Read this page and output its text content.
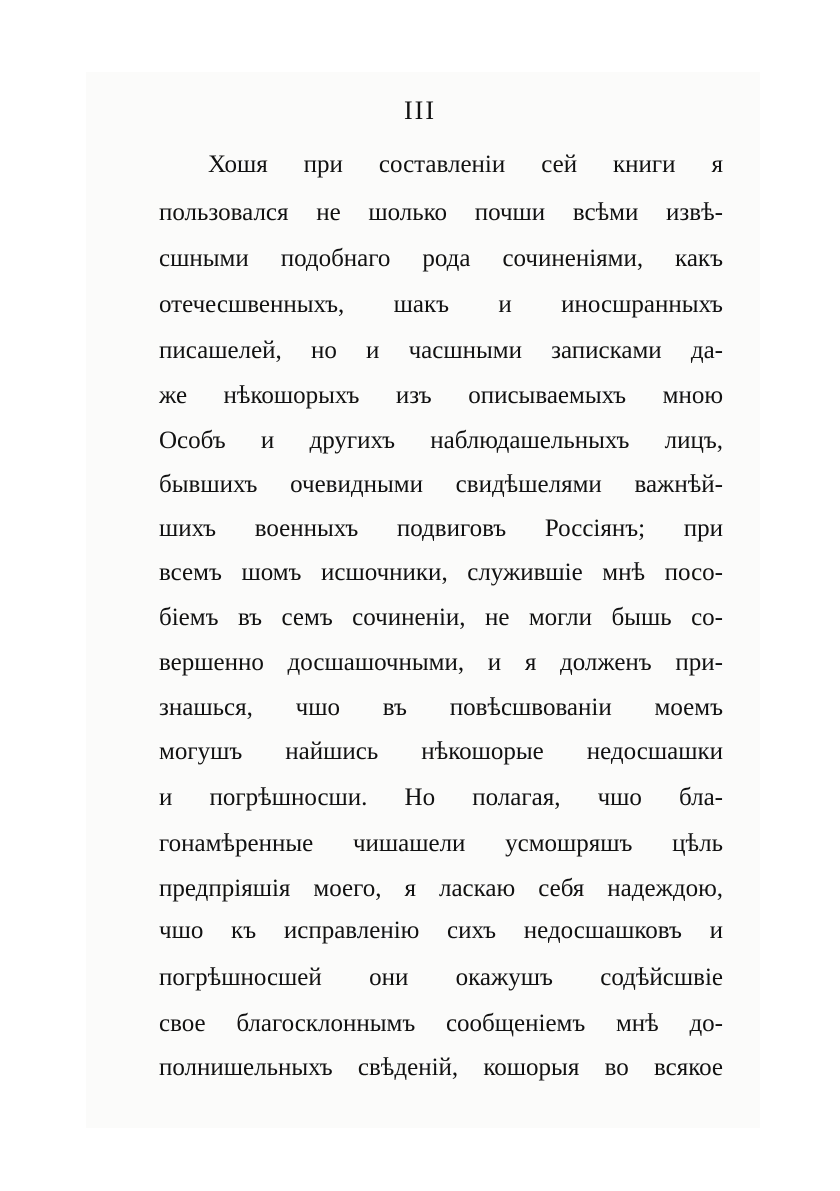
III
Хошя при составленіи сей книги я
пользовался не шолько почши всѣми извѣ-
сшными подобнаго рода сочиненіями, какъ
отечесшвенныхъ, шакъ и иносшранныхъ
писашелей, но и часшными записками да-
же нѣкошорыхъ изъ описываемыхъ мною
Особъ и другихъ наблюдашельныхъ лицъ,
бывшихъ очевидными свидѣшелями важнѣй-
шихъ военныхъ подвиговъ Россіянъ; при
всемъ шомъ исшочники, служившіе мнѣ посо-
біемъ въ семъ сочиненіи, не могли бышь со-
вершенно досшашочными, и я долженъ при-
знашься, чшо въ повѣсшвованіи моемъ
могушъ найшись нѣкошорые недосшашки
и погрѣшносши. Но полагая, чшо бла-
гонамѣренные чишашели усмошряшъ цѣль
предпріяшія моего, я ласкаю себя надеждою,
чшо къ исправленію сихъ недосшашковъ и
погрѣшносшей они окажушъ содѣйсшвіе
свое благосклоннымъ сообщеніемъ мнѣ до-
полнишельныхъ свѣденій, кошорыя во всякое
